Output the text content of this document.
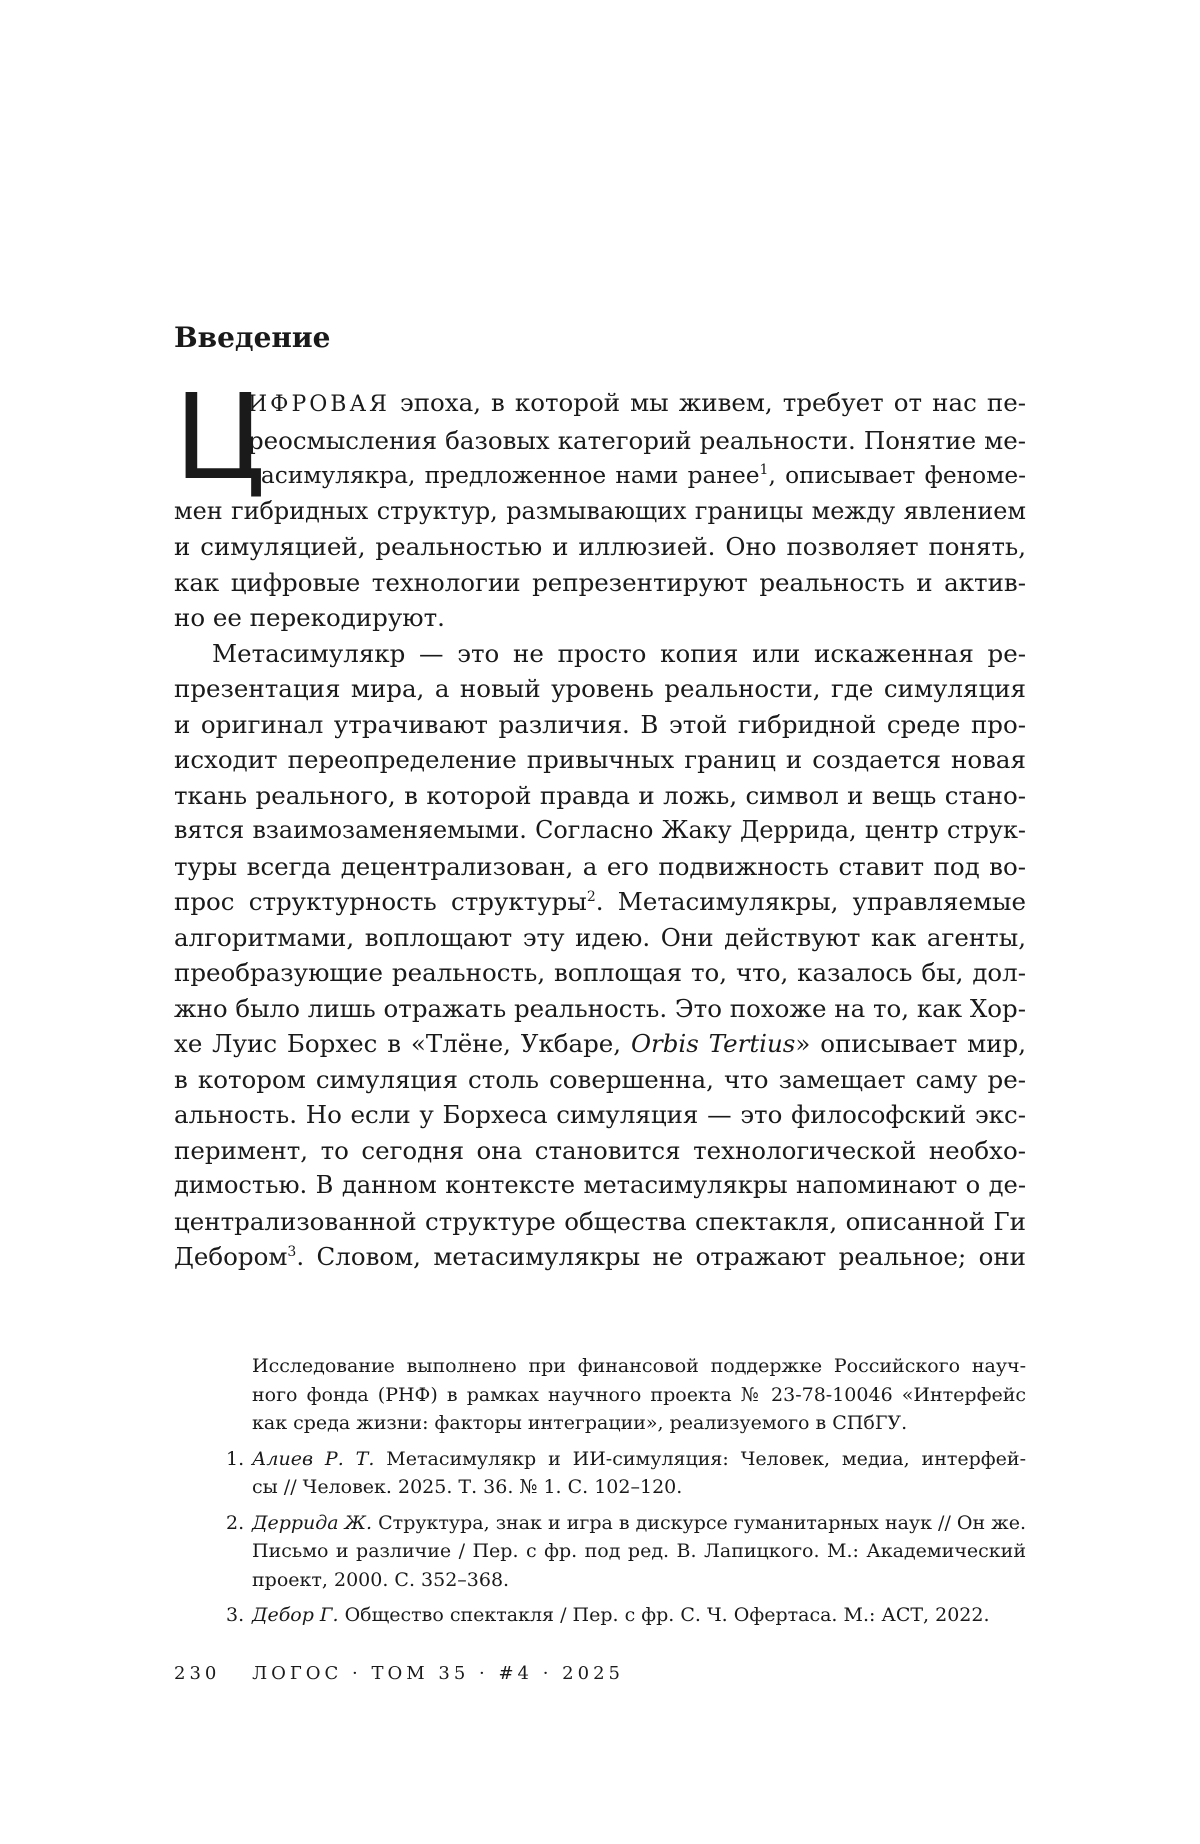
Введение
Ц

ИФРОВАЯ эпоха, в которой мы живем, требует от нас пе-
реосмысления базовых категорий реальности. Понятие ме-
тасимулякра, предложенное нами ранее$^1$, описывает феноме-
мен гибридных структур, размывающих границы между явлением
и симуляцией, реальностью и иллюзией. Оно позволяет понять,
как цифровые технологии репрезентируют реальность и актив-
но ее перекодируют.

Метасимулякр — это не просто копия или искаженная ре-
презентация мира, а новый уровень реальности, где симуляция
и оригинал утрачивают различия. В этой гибридной среде про-
исходит переопределение привычных границ и создается новая
ткань реального, в которой правда и ложь, символ и вещь стано-
вятся взаимозаменяемыми. Согласно Жаку Деррида, центр струк-
туры всегда децентрализован, а его подвижность ставит под во-
прос структурность структуры$^2$. Метасимулякры, управляемые
алгоритмами, воплощают эту идею. Они действуют как агенты,
преобразующие реальность, воплощая то, что, казалось бы, дол-
жно было лишь отражать реальность. Это похоже на то, как Хор-
хе Луис Борхес в «Тлёне, Укбаре, Orbis Tertius» описывает мир,
в котором симуляция столь совершенна, что замещает саму ре-
альность. Но если у Борхеса симуляция — это философский экс-
перимент, то сегодня она становится технологической необхо-
димостью. В данном контексте метасимулякры напоминают о де-
централизованной структуре общества спектакля, описанной Ги
Дебором$^3$. Словом, метасимулякры не отражают реальное; они

Исследование выполнено при финансовой поддержке Российского науч-
ного фонда (РНФ) в рамках научного проекта № 23-78-10046 «Интерфейс
как среда жизни: факторы интеграции», реализуемого в СПбГУ.
1. Алиев Р. Т. Метасимулякр и ИИ-симуляция: Человек, медиа, интерфей-
сы // Человек. 2025. Т. 36. № 1. С. 102–120.
2. Деррида Ж. Структура, знак и игра в дискурсе гуманитарных наук // Он же.
Письмо и различие / Пер. с фр. под ред. В. Лапицкого. М.: Академический
проект, 2000. С. 352–368.
3. Дебор Г. Общество спектакля / Пер. с фр. С. Ч. Офертаса. М.: АСТ, 2022.
230 ЛОГОС · ТОМ 35 · #4 · 2025
